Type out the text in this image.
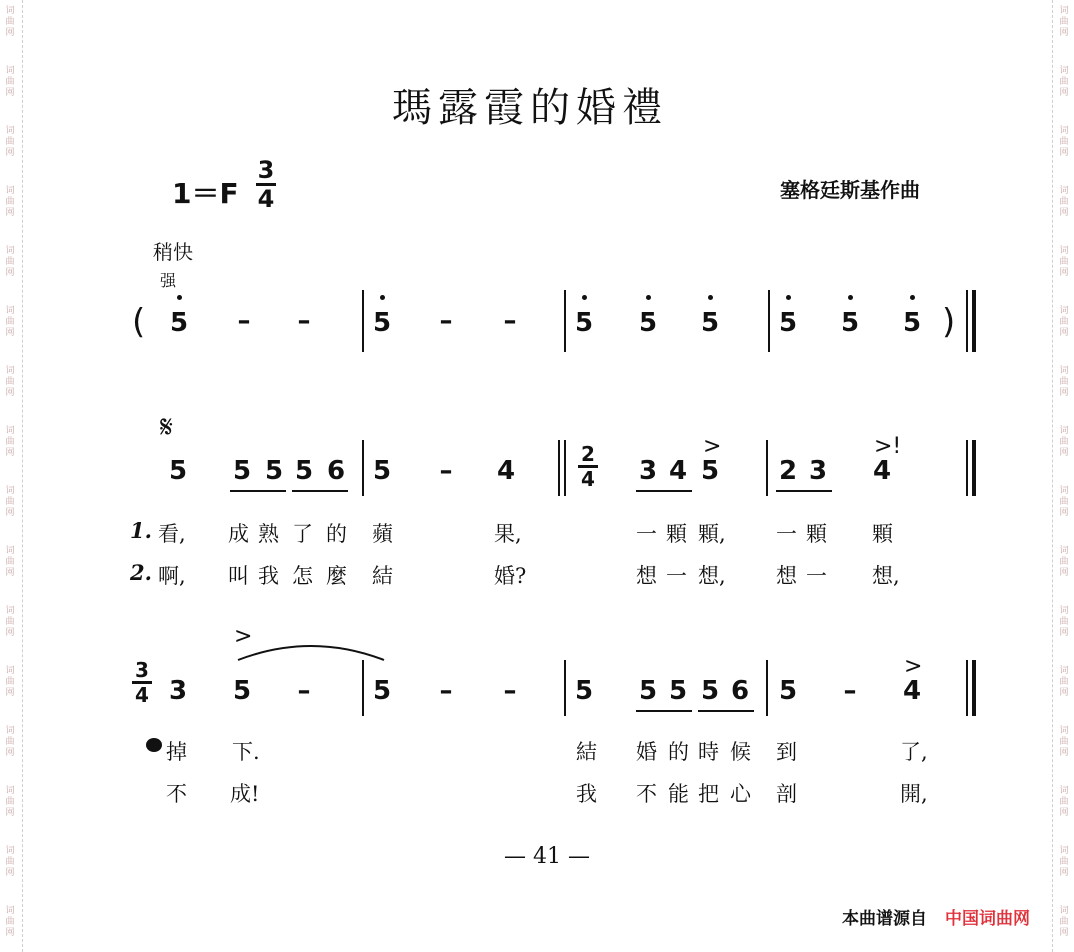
词
曲
网
词
曲
网
词
曲
网
词
曲
网
词
曲
网
词
曲
网
词
曲
网
词
曲
网
词
曲
网
词
曲
网
词
曲
网
词
曲
网
词
曲
网
词
曲
网
词
曲
网
词
曲
网
词
曲
网
词
曲
网
词
曲
网
词
曲
网
词
曲
网
词
曲
网
词
曲
网
词
曲
网
词
曲
网
词
曲
网
词
曲
网
词
曲
网
词
曲
网
词
曲
网
词
曲
网
词
曲
网
瑪露霞的婚禮
1＝F
3
4	塞格廷斯基作曲
稍快
强
( 5 – – 5 – – 5 5 5 5 5 5 )
𝄋
5 5 5 5 6 5 – 4
2
4 3 4
>
5 2 3
>!
4
1. 看, 成 熟 了 的 蘋	果,	一 顆 顆, 一 顆 顆
2. 啊, 叫 我 怎 麼 結	婚?	想 一 想, 想 一 想,
3
4 3
>
5 – 5 – – 5 5 5 5 6 5 –
>
4
掉 下.	結 婚 的 時 候 到	了,
不 成!	我 不 能 把 心 剖	開,
— 41 —
本曲谱源自 中国词曲网
